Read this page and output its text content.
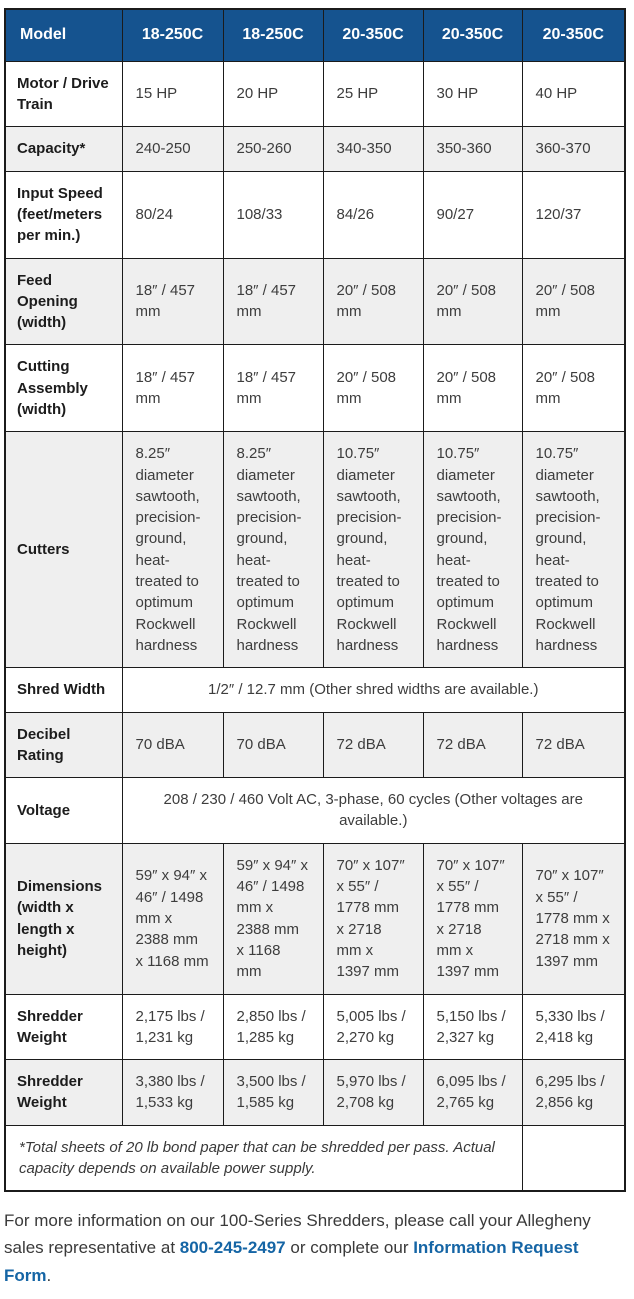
Model	18-250C	18-250C	20-350C	20-350C	20-350C
Motor / Drive Train	15 HP	20 HP	25 HP	30 HP	40 HP
Capacity*	240-250	250-260	340-350	350-360	360-370
Input Speed (feet/meters per min.)	80/24	108/33	84/26	90/27	120/37
Feed Opening (width)	18″ / 457 mm	18″ / 457 mm	20″ / 508 mm	20″ / 508 mm	20″ / 508 mm
Cutting Assembly (width)	18″ / 457 mm	18″ / 457 mm	20″ / 508 mm	20″ / 508 mm	20″ / 508 mm
Cutters	8.25″ diameter sawtooth, precision-ground, heat-treated to optimum Rockwell hardness	8.25″ diameter sawtooth, precision-ground, heat-treated to optimum Rockwell hardness	10.75″ diameter sawtooth, precision-ground, heat-treated to optimum Rockwell hardness	10.75″ diameter sawtooth, precision-ground, heat-treated to optimum Rockwell hardness	10.75″ diameter sawtooth, precision-ground, heat-treated to optimum Rockwell hardness
Shred Width	1/2″ / 12.7 mm (Other shred widths are available.)				
Decibel Rating	70 dBA	70 dBA	72 dBA	72 dBA	72 dBA
Voltage	208 / 230 / 460 Volt AC, 3-phase, 60 cycles (Other voltages are available.)				
Dimensions (width x length x height)	59″ x 94″ x 46″ / 1498 mm x 2388 mm x 1168 mm	59″ x 94″ x 46″ / 1498 mm x 2388 mm x 1168 mm	70″ x 107″ x 55″ / 1778 mm x 2718 mm x 1397 mm	70″ x 107″ x 55″ / 1778 mm x 2718 mm x 1397 mm	70″ x 107″ x 55″ / 1778 mm x 2718 mm x 1397 mm
Shredder Weight	2,175 lbs / 1,231 kg	2,850 lbs / 1,285 kg	5,005 lbs / 2,270 kg	5,150 lbs / 2,327 kg	5,330 lbs / 2,418 kg
Shredder Weight	3,380 lbs / 1,533 kg	3,500 lbs / 1,585 kg	5,970 lbs / 2,708 kg	6,095 lbs / 2,765 kg	6,295 lbs / 2,856 kg
*Total sheets of 20 lb bond paper that can be shredded per pass. Actual capacity depends on available power supply.					

For more information on our 100-Series Shredders, please call your Allegheny sales representative at 800-245-2497 or complete our Information Request Form.
